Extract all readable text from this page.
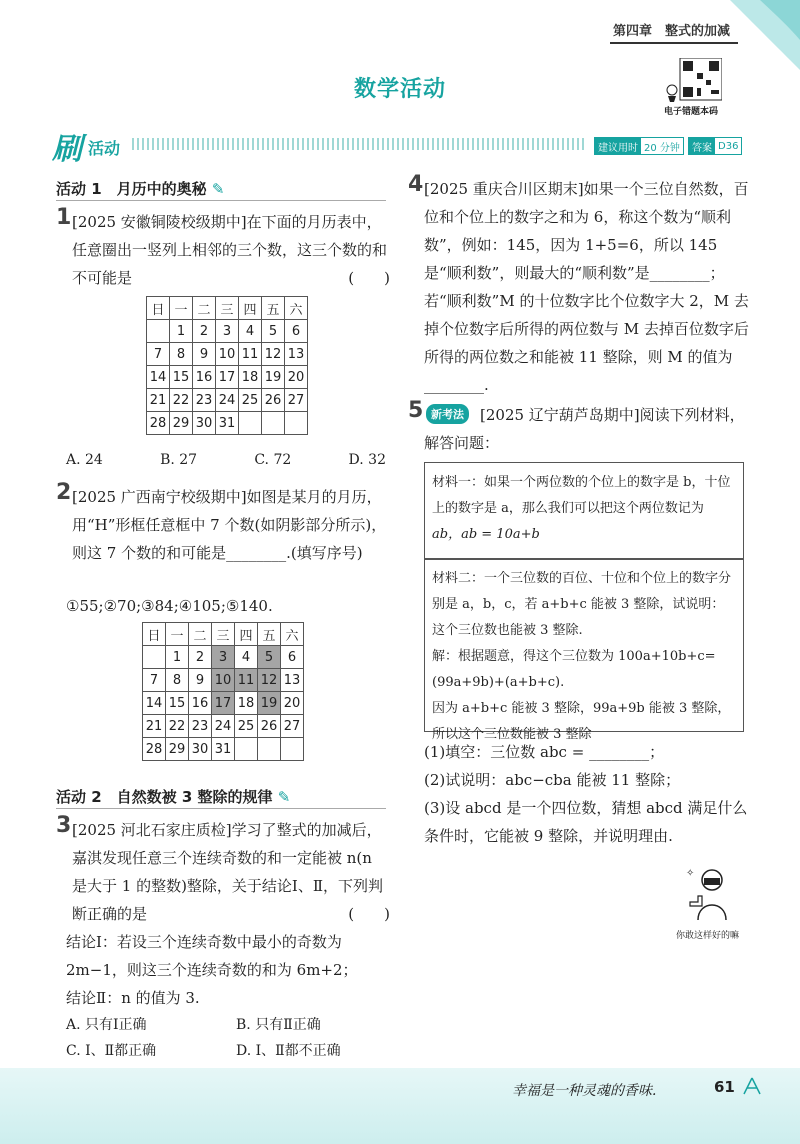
第四章　整式的加减
数学活动
电子错题本码
刷 活动	建议用时 20 分钟	答案 D36
活动 1　月历中的奥秘 ✎
1 [2025 安徽铜陵校级期中]在下面的月历表中，任意圈出一竖列上相邻的三个数，这三个数的和不可能是	(　　)
日	一	二	三	四	五	六
	1	2	3	4	5	6
7	8	9	10	11	12	13
14	15	16	17	18	19	20
21	22	23	24	25	26	27
28	29	30	31			
A. 24	B. 27	C. 72	D. 32
2 [2025 广西南宁校级期中]如图是某月的月历，用“H”形框任意框中 7 个数(如阴影部分所示)，则这 7 个数的和可能是________.(填写序号)
①55;②70;③84;④105;⑤140.
日	一	二	三	四	五	六
	1	2	3	4	5	6
7	8	9	10	11	12	13
14	15	16	17	18	19	20
21	22	23	24	25	26	27
28	29	30	31			
活动 2　自然数被 3 整除的规律 ✎
3 [2025 河北石家庄质检]学习了整式的加减后，嘉淇发现任意三个连续奇数的和一定能被 n(n 是大于 1 的整数)整除，关于结论Ⅰ、Ⅱ，下列判断正确的是	(　　)
结论Ⅰ：若设三个连续奇数中最小的奇数为 2m−1，则这三个连续奇数的和为 6m+2；
结论Ⅱ：n 的值为 3.
A. 只有Ⅰ正确	B. 只有Ⅱ正确
C. Ⅰ、Ⅱ都正确	D. Ⅰ、Ⅱ都不正确
4 [2025 重庆合川区期末]如果一个三位自然数，百位和个位上的数字之和为 6，称这个数为“顺利数”，例如：145，因为 1+5=6，所以 145 是“顺利数”，则最大的“顺利数”是________；若“顺利数”M 的十位数字比个位数字大 2，M 去掉个位数字后所得的两位数与 M 去掉百位数字后所得的两位数之和能被 11 整除，则 M 的值为________.
5 新考法	[2025 辽宁葫芦岛期中]阅读下列材料，解答问题：
材料一：如果一个两位数的个位上的数字是 b，十位上的数字是 a，那么我们可以把这个两位数记为
ab，ab = 10a+b
材料二：一个三位数的百位、十位和个位上的数字分别是 a，b，c，若 a+b+c 能被 3 整除，试说明：这个三位数也能被 3 整除.
解：根据题意，得这个三位数为 100a+10b+c=(99a+9b)+(a+b+c).
因为 a+b+c 能被 3 整除，99a+9b 能被 3 整除，
所以这个三位数能被 3 整除
(1)填空：三位数 abc = ________；
(2)试说明：abc−cba 能被 11 整除；
(3)设 abcd 是一个四位数，猜想 abcd 满足什么条件时，它能被 9 整除，并说明理由.
✧
你敢这样好的嘛
幸福是一种灵魂的香味.	61
